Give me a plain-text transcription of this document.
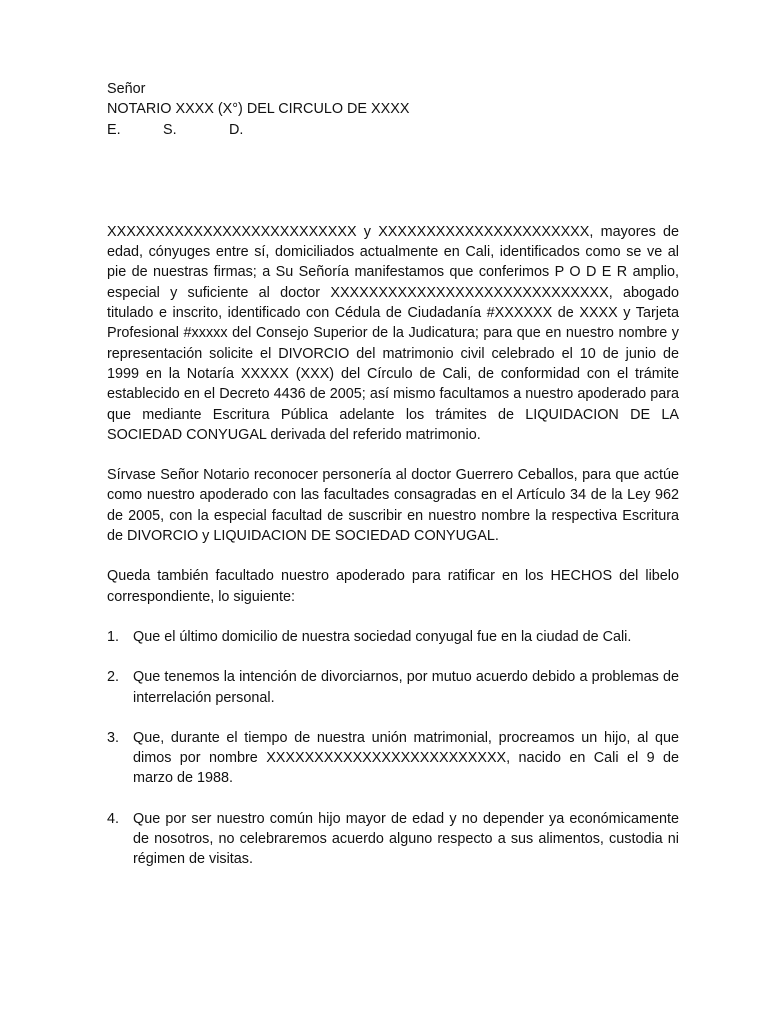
Señor

NOTARIO XXXX (X°) DEL CIRCULO DE XXXX

E.	S.	D.

XXXXXXXXXXXXXXXXXXXXXXXXXX y XXXXXXXXXXXXXXXXXXXXXX, mayores de edad, cónyuges entre sí, domiciliados actualmente en Cali, identificados como se ve al pie de nuestras firmas; a Su Señoría manifestamos que conferimos P O D E R amplio, especial y suficiente al doctor XXXXXXXXXXXXXXXXXXXXXXXXXXXXX, abogado titulado e inscrito, identificado con Cédula de Ciudadanía #XXXXXX de XXXX y Tarjeta Profesional #xxxxx del Consejo Superior de la Judicatura; para que en nuestro nombre y representación solicite el DIVORCIO del matrimonio civil celebrado el 10 de junio de 1999 en la Notaría XXXXX (XXX) del Círculo de Cali, de conformidad con el trámite establecido en el Decreto 4436 de 2005; así mismo facultamos a nuestro apoderado para que mediante Escritura Pública adelante los trámites de LIQUIDACION DE LA SOCIEDAD CONYUGAL derivada del referido matrimonio.

Sírvase Señor Notario reconocer personería al doctor Guerrero Ceballos, para que actúe como nuestro apoderado con las facultades consagradas en el Artículo 34 de la Ley 962 de 2005, con la especial facultad de suscribir en nuestro nombre la respectiva Escritura de DIVORCIO y LIQUIDACION DE SOCIEDAD CONYUGAL.

Queda también facultado nuestro apoderado para ratificar en los HECHOS del libelo correspondiente, lo siguiente:

1. Que el último domicilio de nuestra sociedad conyugal fue en la ciudad de Cali.
2. Que tenemos la intención de divorciarnos, por mutuo acuerdo debido a problemas de interrelación personal.
3. Que, durante el tiempo de nuestra unión matrimonial, procreamos un hijo, al que dimos por nombre XXXXXXXXXXXXXXXXXXXXXXXXX, nacido en Cali el 9 de marzo de 1988.
4. Que por ser nuestro común hijo mayor de edad y no depender ya económicamente de nosotros, no celebraremos acuerdo alguno respecto a sus alimentos, custodia ni régimen de visitas.
